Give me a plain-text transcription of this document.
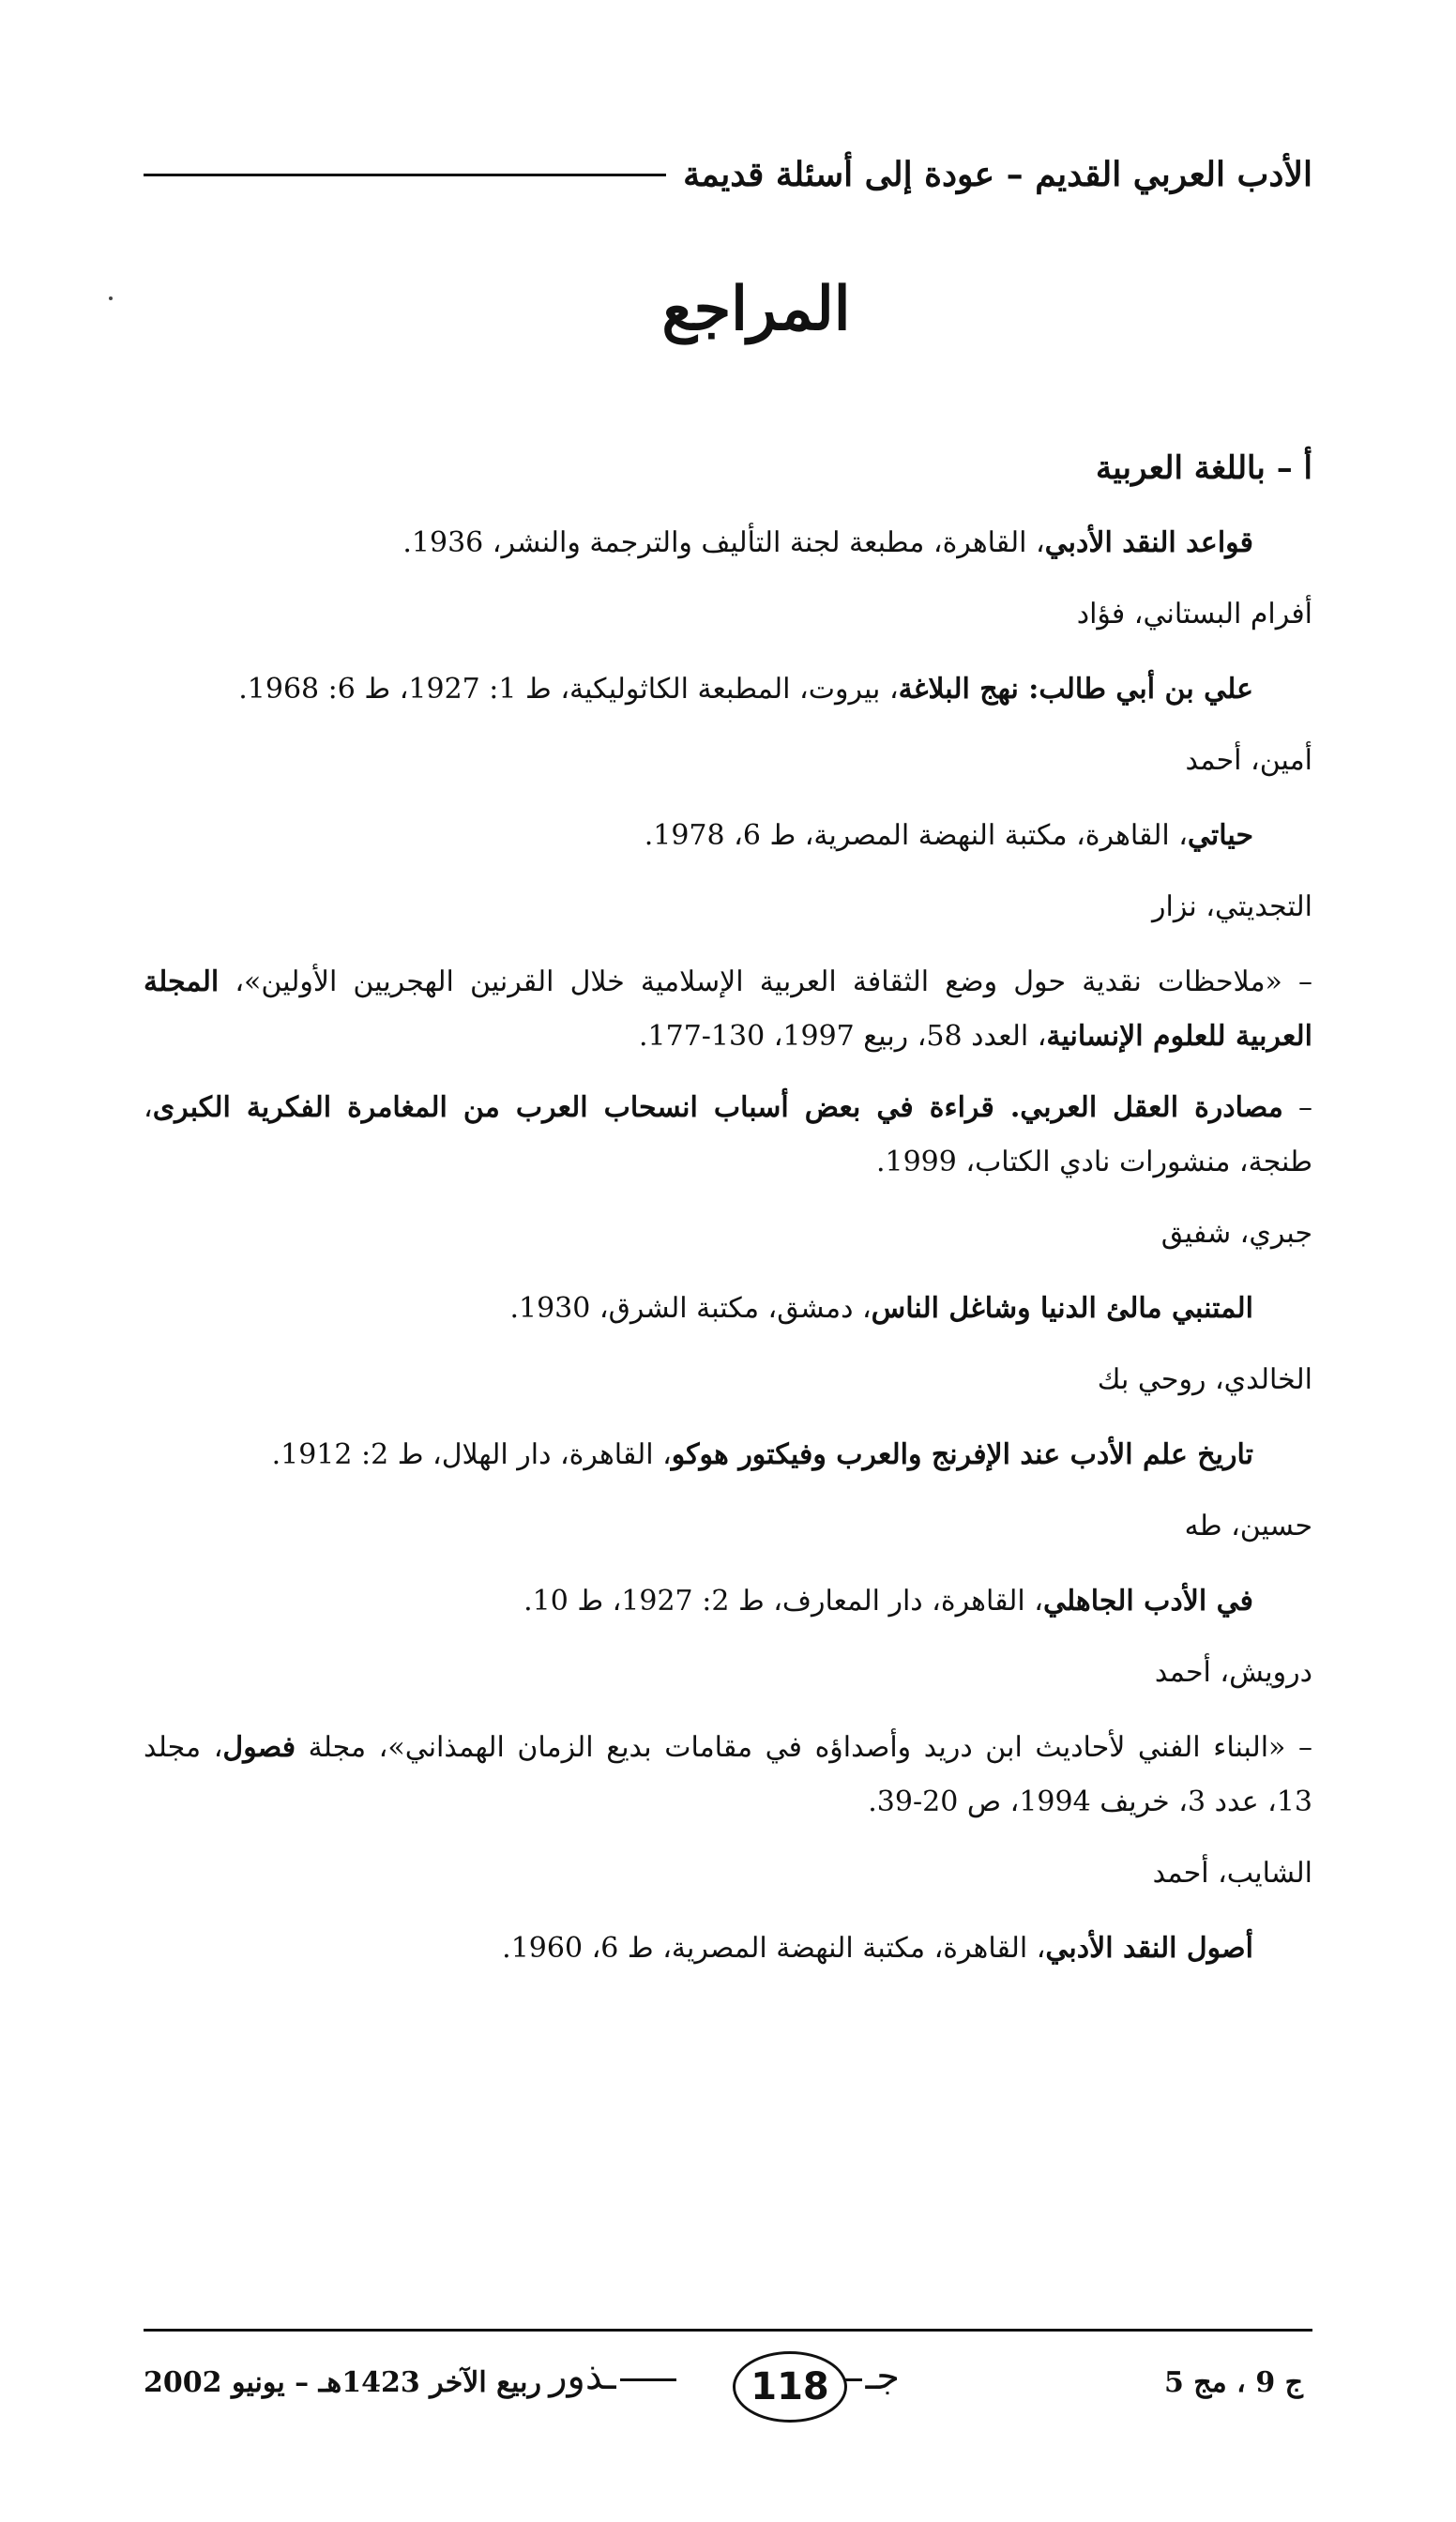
الأدب العربي القديم – عودة إلى أسئلة قديمة
المراجع
أ – باللغة العربية
قواعد النقد الأدبي، القاهرة، مطبعة لجنة التأليف والترجمة والنشر، 1936.
أفرام البستاني، فؤاد
علي بن أبي طالب: نهج البلاغة، بيروت، المطبعة الكاثوليكية، ط 1: 1927، ط 6: 1968.
أمين، أحمد
حياتي، القاهرة، مكتبة النهضة المصرية، ط 6، 1978.
التجديتي، نزار
– «ملاحظات نقدية حول وضع الثقافة العربية الإسلامية خلال القرنين الهجريين الأولين»، المجلة العربية للعلوم الإنسانية، العدد 58، ربيع 1997، 130-177.
– مصادرة العقل العربي. قراءة في بعض أسباب انسحاب العرب من المغامرة الفكرية الكبرى، طنجة، منشورات نادي الكتاب، 1999.
جبري، شفيق
المتنبي مالئ الدنيا وشاغل الناس، دمشق، مكتبة الشرق، 1930.
الخالدي، روحي بك
تاريخ علم الأدب عند الإفرنج والعرب وفيكتور هوكو، القاهرة، دار الهلال، ط 2: 1912.
حسين، طه
في الأدب الجاهلي، القاهرة، دار المعارف، ط 2: 1927، ط 10.
درويش، أحمد
– «البناء الفني لأحاديث ابن دريد وأصداؤه في مقامات بديع الزمان الهمذاني»، مجلة فصول، مجلد 13، عدد 3، خريف 1994، ص 20-39.
الشايب، أحمد
أصول النقد الأدبي، القاهرة، مكتبة النهضة المصرية، ط 6، 1960.
ج 9 ، مج 5
جــذور	118
ربيع الآخر 1423هـ – يونيو 2002
